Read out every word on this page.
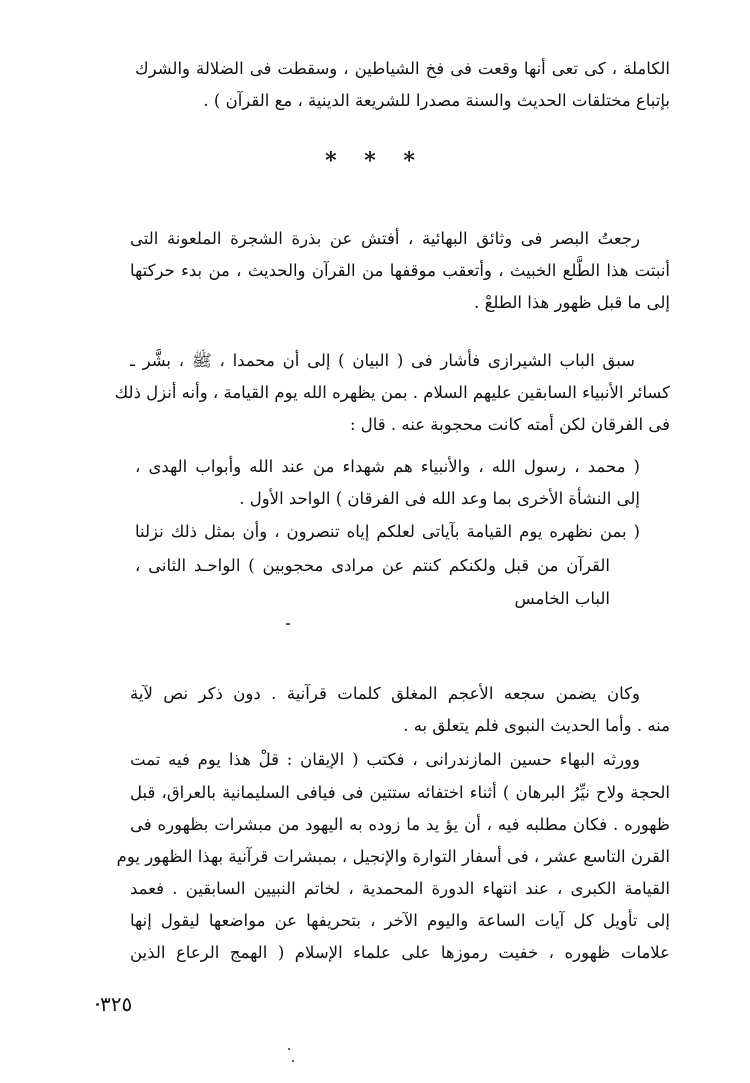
الكاملة ، كى تعى أنها وقعت فى فخ الشياطين ، وسقطت فى الضلالة والشرك
بإتباع مختلقات الحديث والسنة مصدرا للشريعة الدينية ، مع القرآن ) .
* * *
رجعتُ البصر فى وثائق البهائية ، أفتش عن بذرة الشجرة الملعونة التى
أنبتت هذا الطَّلع الخبيث ، وأتعقب موقفها من القرآن والحديث ، من بدء حركتها
إلى ما قبل ظهور هذا الطلعْ .
سبق الباب الشيرازى فأشار فى ( البيان ) إلى أن محمدا ، ﷺ ، بشَّر ـ
كسائر الأنبياء السابقين عليهم السلام . بمن يظهره الله يوم القيامة ، وأنه أنزل ذلك
فى الفرقان لكن أمته كانت محجوبة عنه . قال :
( محمد ، رسول الله ، والأنبياء هم شهداء من عند الله وأبواب الهدى ،
إلى النشأة الأخرى بما وعد الله فى الفرقان ) الواحد الأول .
( بمن نظهره يوم القيامة بآياتى لعلكم إياه تنصرون ، وأن بمثل ذلك نزلنا
القرآن من قبل ولكنكم كنتم عن مرادى محجوبين ) الواحـد الثانى ،
الباب الخامس
وكان يضمن سجعه الأعجم المغلق كلمات قرآنية . دون ذكر نص لآية
منه . وأما الحديث النبوى فلم يتعلق به .
وورثه البهاء حسين المازندرانى ، فكتب ( الإيقان : قلْ هذا يوم فيه تمت
الحجة ولاح نيِّرُ البرهان ) أثناء اختفائه ستتين فى فيافى السليمانية بالعراق، قبل
ظهوره . فكان مطلبه فيه ، أن يؤ يد ما زوده به اليهود من مبشرات بظهوره فى
القرن التاسع عشر ، فى أسفار التوارة والإنجيل ، بمبشرات قرآنية بهذا الظهور يوم
القيامة الكبرى ، عند انتهاء الدورة المحمدية ، لخاتم النبيين السابقين . فعمد
إلى تأويل كل آيات الساعة واليوم الآخر ، بتحريفها عن مواضعها ليقول إنها
علامات ظهوره ، خفيت رموزها على علماء الإسلام ( الهمج الرعاع الذين
٣٢٥
